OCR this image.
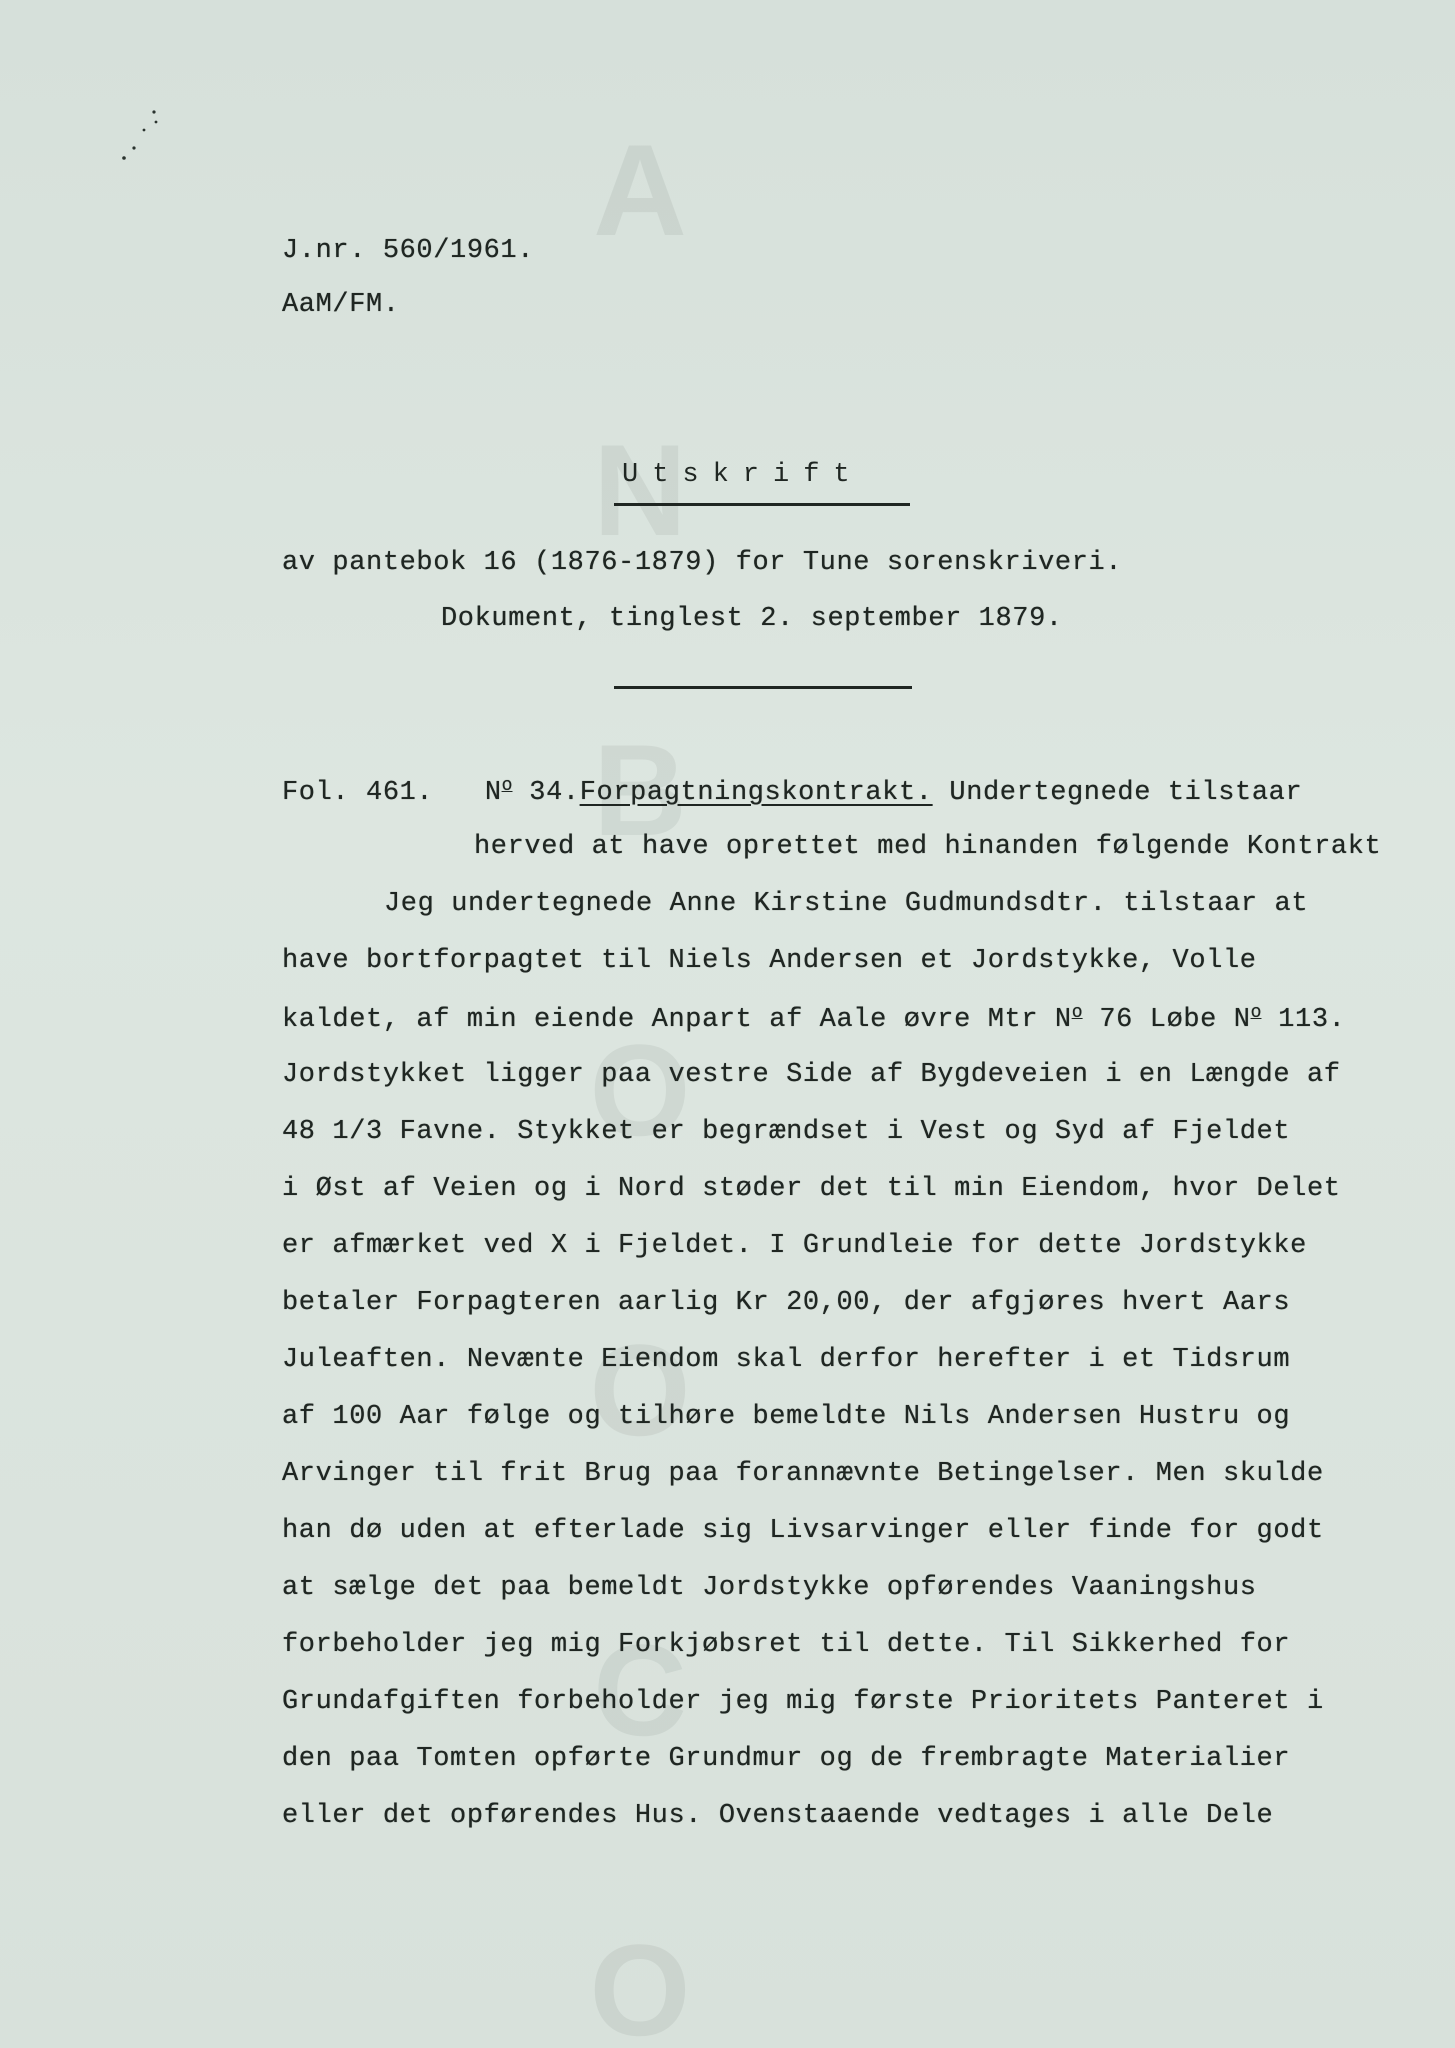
A
N
B
O
O
C
O
J.nr. 560/1961.
AaM/FM.
Utskrift
av pantebok 16 (1876-1879) for Tune sorenskriveri.
Dokument, tinglest 2. september 1879.
Fol. 461. $N^o$ 34.Forpagtningskontrakt. Undertegnede tilstaar
herved at have oprettet med hinanden følgende Kontrakt
Jeg undertegnede Anne Kirstine Gudmundsdtr. tilstaar at
have bortforpagtet til Niels Andersen et Jordstykke, Volle
kaldet, af min eiende Anpart af Aale øvre Mtr $N^o$ 76 Løbe $N^o$ 113.
Jordstykket ligger paa vestre Side af Bygdeveien i en Længde af
48 1/3 Favne. Stykket er begrændset i Vest og Syd af Fjeldet
i Øst af Veien og i Nord støder det til min Eiendom, hvor Delet
er afmærket ved X i Fjeldet. I Grundleie for dette Jordstykke
betaler Forpagteren aarlig Kr 20,00, der afgjøres hvert Aars
Juleaften. Nevænte Eiendom skal derfor herefter i et Tidsrum
af 100 Aar følge og tilhøre bemeldte Nils Andersen Hustru og
Arvinger til frit Brug paa forannævnte Betingelser. Men skulde
han dø uden at efterlade sig Livsarvinger eller finde for godt
at sælge det paa bemeldt Jordstykke opførendes Vaaningshus
forbeholder jeg mig Forkjøbsret til dette. Til Sikkerhed for
Grundafgiften forbeholder jeg mig første Prioritets Panteret i
den paa Tomten opførte Grundmur og de frembragte Materialier
eller det opførendes Hus. Ovenstaaende vedtages i alle Dele
